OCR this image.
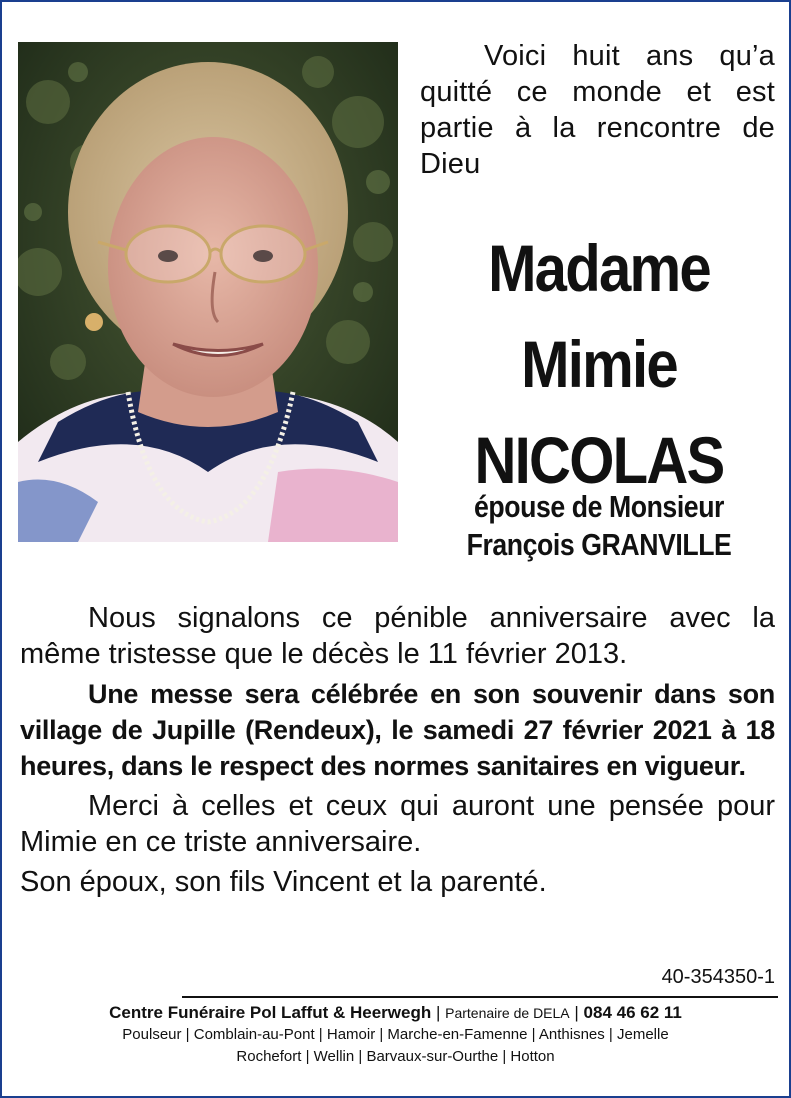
Voici huit ans qu’a quitté ce monde et est partie à la rencontre de Dieu
Madame
Mimie
NICOLAS
épouse de Monsieur
François GRANVILLE

Nous signalons ce pénible anniversaire avec la même tristesse que le décès le 11 février 2013.

Une messe sera célébrée en son souvenir dans son village de Jupille (Rendeux), le samedi 27 février 2021 à 18 heures, dans le respect des normes sanitaires en vigueur.

Merci à celles et ceux qui auront une pensée pour Mimie en ce triste anniversaire.

Son époux, son fils Vincent et la parenté.

40-354350-1
Centre Funéraire Pol Laffut & Heerwegh | Partenaire de DELA | 084 46 62 11
Poulseur | Comblain-au-Pont | Hamoir | Marche-en-Famenne | Anthisnes | Jemelle
Rochefort | Wellin | Barvaux-sur-Ourthe | Hotton
